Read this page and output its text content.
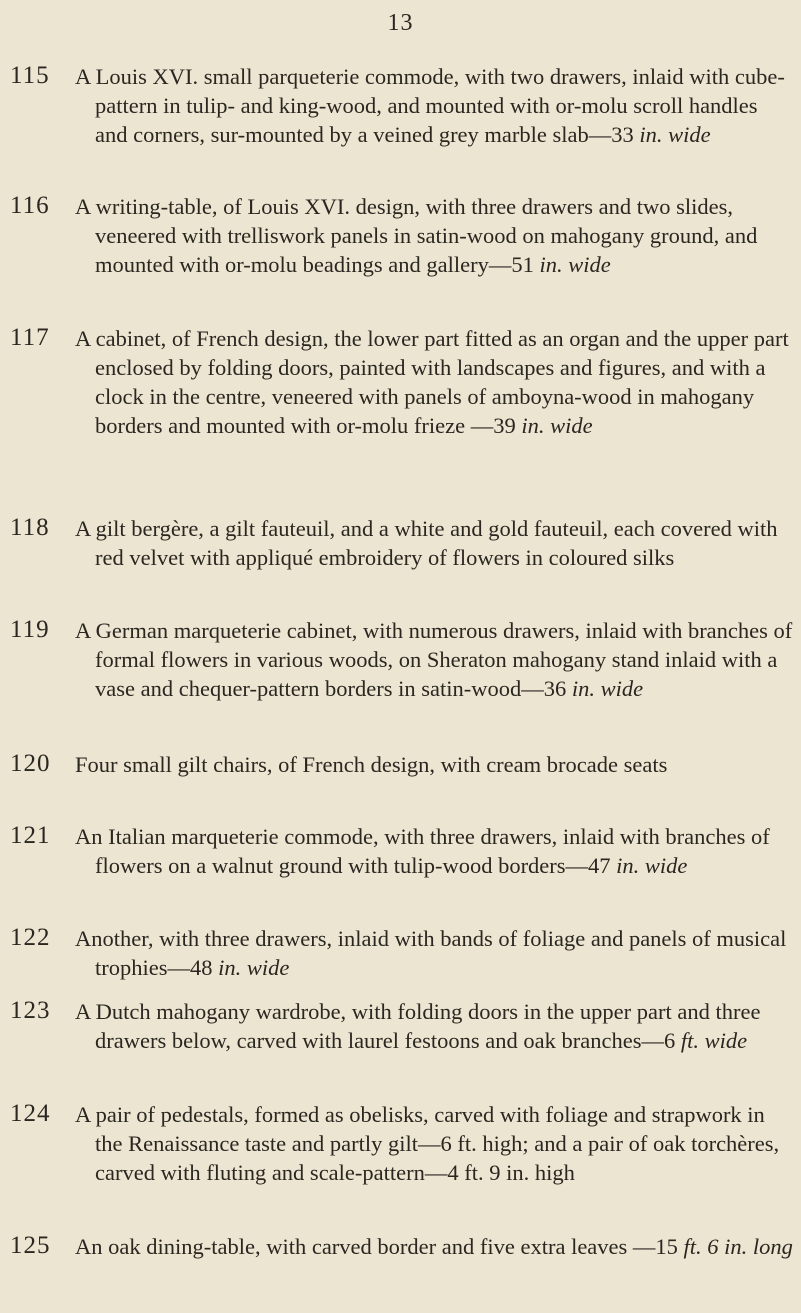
13
115 A Louis XVI. small parqueterie commode, with two drawers, inlaid with cube-pattern in tulip- and king-wood, and mounted with or-molu scroll handles and corners, sur-mounted by a veined grey marble slab—33 in. wide
116 A writing-table, of Louis XVI. design, with three drawers and two slides, veneered with trelliswork panels in satin-wood on mahogany ground, and mounted with or-molu beadings and gallery—51 in. wide
117 A cabinet, of French design, the lower part fitted as an organ and the upper part enclosed by folding doors, painted with landscapes and figures, and with a clock in the centre, veneered with panels of amboyna-wood in mahogany borders and mounted with or-molu frieze —39 in. wide
118 A gilt bergère, a gilt fauteuil, and a white and gold fauteuil, each covered with red velvet with appliqué embroidery of flowers in coloured silks
119 A German marqueterie cabinet, with numerous drawers, inlaid with branches of formal flowers in various woods, on Sheraton mahogany stand inlaid with a vase and chequer-pattern borders in satin-wood—36 in. wide
120 Four small gilt chairs, of French design, with cream brocade seats
121 An Italian marqueterie commode, with three drawers, inlaid with branches of flowers on a walnut ground with tulip-wood borders—47 in. wide
122 Another, with three drawers, inlaid with bands of foliage and panels of musical trophies—48 in. wide
123 A Dutch mahogany wardrobe, with folding doors in the upper part and three drawers below, carved with laurel festoons and oak branches—6 ft. wide
124 A pair of pedestals, formed as obelisks, carved with foliage and strapwork in the Renaissance taste and partly gilt—6 ft. high; and a pair of oak torchères, carved with fluting and scale-pattern—4 ft. 9 in. high
125 An oak dining-table, with carved border and five extra leaves —15 ft. 6 in. long
